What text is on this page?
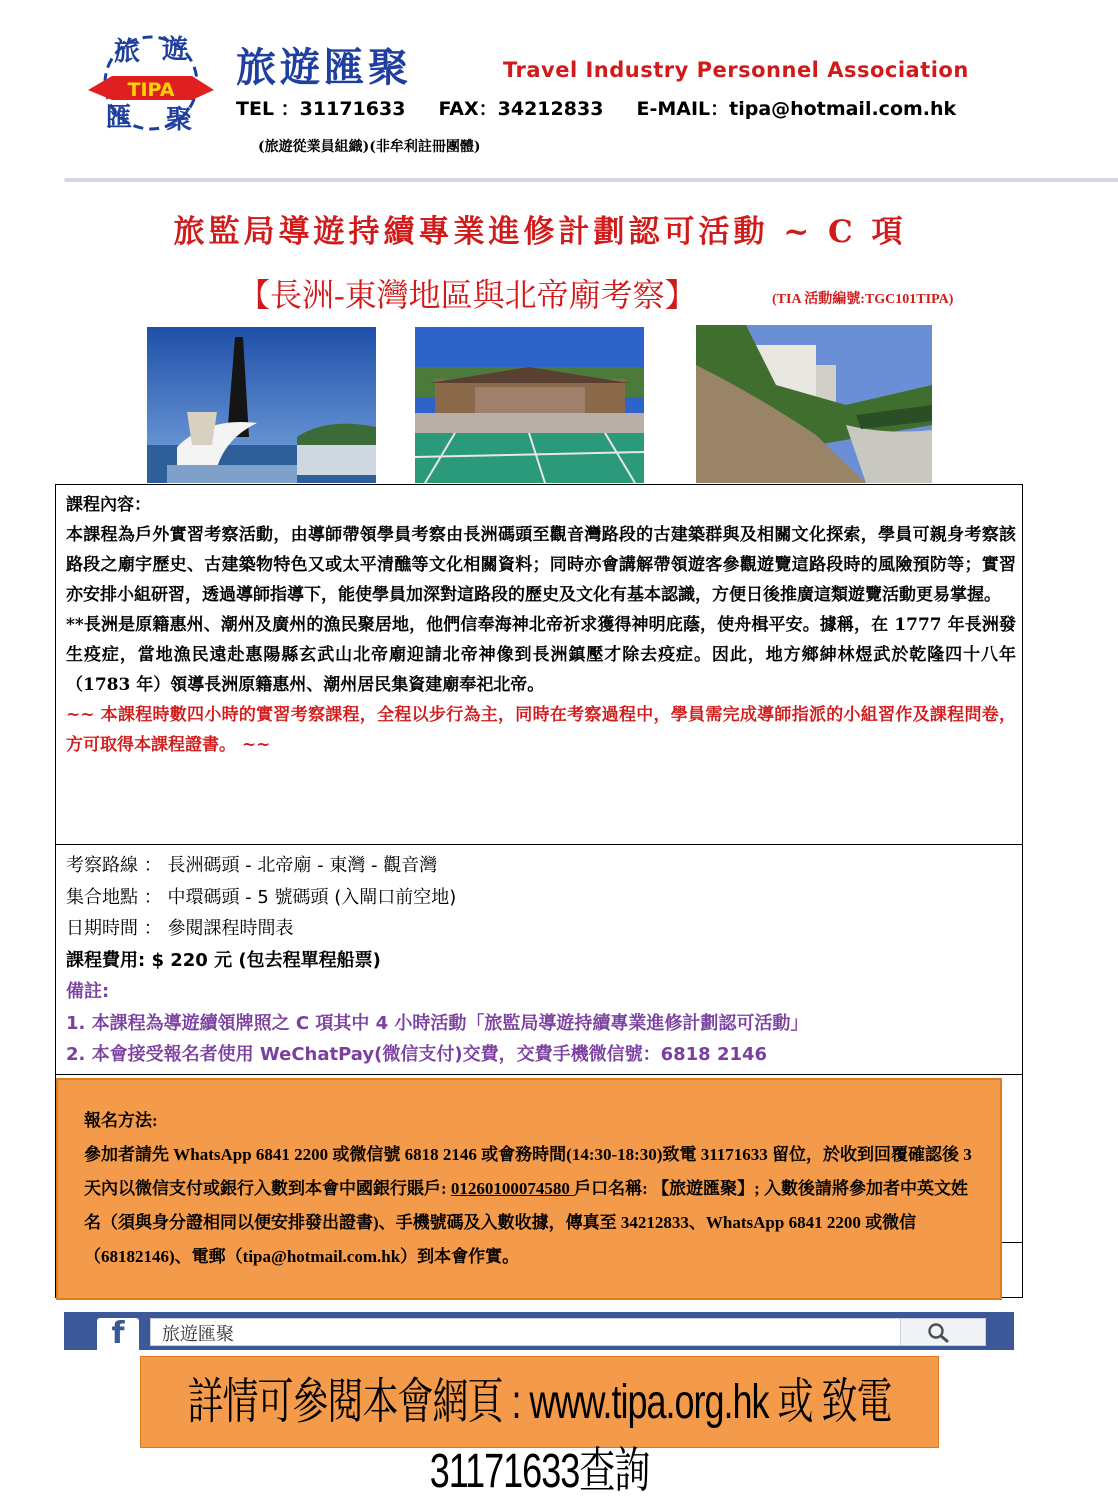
旅 遊
匯 聚
TIPA 旅遊匯聚	Travel Industry Personnel Association
TEL ：31171633     FAX：34212833     E-MAIL：tipa@hotmail.com.hk
(旅遊從業員組織)(非牟利註冊團體)
==================================================================================================================================================================================================================
旅監局導遊持續專業進修計劃認可活動 ~ C 項
【長洲-東灣地區與北帝廟考察】	(TIA 活動編號:TGC101TIPA)
課程內容：

本課程為戶外實習考察活動，由導師帶領學員考察由長洲碼頭至觀音灣路段的古建築群與及相關文化探索，學員可親身考察該路段之廟宇歷史、古建築物特色又或太平清醮等文化相關資料；同時亦會講解帶領遊客參觀遊覽這路段時的風險預防等；實習亦安排小組研習，透過導師指導下，能使學員加深對這路段的歷史及文化有基本認識，方便日後推廣這類遊覽活動更易掌握。

**長洲是原籍惠州、潮州及廣州的漁民聚居地，他們信奉海神北帝祈求獲得神明庇蔭，使舟楫平安。據稱，在 1777 年長洲發生疫症，當地漁民遠赴惠陽縣玄武山北帝廟迎請北帝神像到長洲鎮壓才除去疫症。因此，地方鄉紳林煜武於乾隆四十八年（1783 年）領導長洲原籍惠州、潮州居民集資建廟奉祀北帝。

~~ 本課程時數四小時的實習考察課程，全程以步行為主，同時在考察過程中，學員需完成導師指派的小組習作及課程問卷，方可取得本課程證書。 ~~

考察路線 ： 長洲碼頭 - 北帝廟 - 東灣 - 觀音灣
集合地點 ： 中環碼頭 - 5 號碼頭 (入閘口前空地)
日期時間 ： 參閱課程時間表
課程費用: $ 220 元 (包去程單程船票)
備註:
1. 本課程為導遊續領牌照之 C 項其中 4 小時活動「旅監局導遊持續專業進修計劃認可活動」
2. 本會接受報名者使用 WeChatPay(微信支付)交費，交費手機微信號：6818 2146
報名方法:
參加者請先 WhatsApp 6841 2200 或微信號 6818 2146 或會務時間(14:30-18:30)致電 31171633 留位，於收到回覆確認後 3 天內以微信支付或銀行入數到本會中國銀行賬戶: 01260100074580 戶口名稱: 【旅遊匯聚】; 入數後請將參加者中英文姓名（須與身分證相同以便安排發出證書)、手機號碼及入數收據，傳真至 34212833、WhatsApp 6841 2200 或微信（68182146)、電郵（tipa@hotmail.com.hk）到本會作實。
f	旅遊匯聚
詳情可參閱本會網頁 : www.tipa.org.hk 或 致電31171633查詢
